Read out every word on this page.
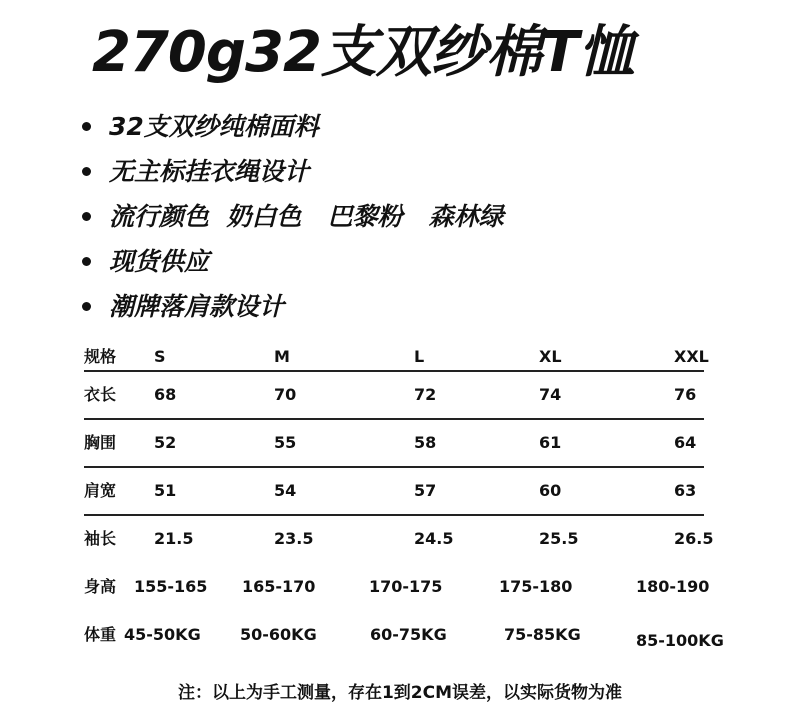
270g32支双纱棉T恤
32支双纱纯棉面料
无主标挂衣绳设计
流行颜色  奶白色   巴黎粉   森林绿
现货供应
潮牌落肩款设计
规格 S	M	L	XL	XXL
衣长 68	70	72	74	76
胸围 52	55	58	61	64
肩宽 51	54	57	60	63
袖长 21.5	23.5	24.5	25.5	26.5
身高 155-165 165-170	170-175	175-180	180-190
体重 45-50KG 50-60KG	60-75KG	75-85KG	85-100KG
注：以上为手工测量，存在1到2CM误差，以实际货物为准
